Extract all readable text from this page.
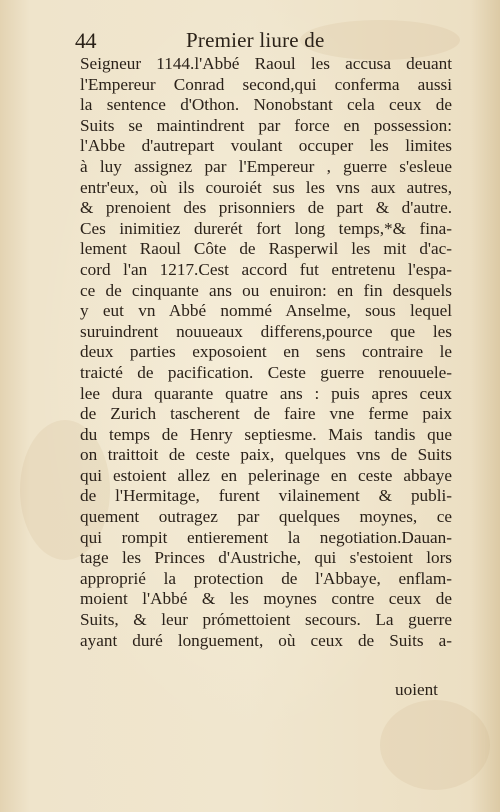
44	Premier liure de
Seigneur 1144.l'Abbé Raoul les accusa deuant
l'Empereur Conrad second,qui conferma aussi
la sentence d'Othon. Nonobstant cela ceux de
Suits se maintindrent par force en possession:
l'Abbe d'autrepart voulant occuper les limites
à luy assignez par l'Empereur , guerre s'esleue
entr'eux, où ils couroiét sus les vns aux autres,
& prenoient des prisonniers de part & d'autre.
Ces inimitiez durerét fort long temps,*& fina-
lement Raoul Côte de Rasperwil les mit d'ac-
cord l'an 1217.Cest accord fut entretenu l'espa-
ce de cinquante ans ou enuiron: en fin desquels
y eut vn Abbé nommé Anselme, sous lequel
suruindrent nouueaux differens,pource que les
deux parties exposoient en sens contraire le
traicté de pacification. Ceste guerre renouuele-
lee dura quarante quatre ans : puis apres ceux
de Zurich tascherent de faire vne ferme paix
du temps de Henry septiesme. Mais tandis que
on traittoit de ceste paix, quelques vns de Suits
qui estoient allez en pelerinage en ceste abbaye
de l'Hermitage, furent vilainement & publi-
quement outragez par quelques moynes, ce
qui rompit entierement la negotiation.Dauan-
tage les Princes d'Austriche, qui s'estoient lors
approprié la protection de l'Abbaye, enflam-
moient l'Abbé & les moynes contre ceux de
Suits, & leur prómettoient secours. La guerre
ayant duré longuement, où ceux de Suits a-
uoient
